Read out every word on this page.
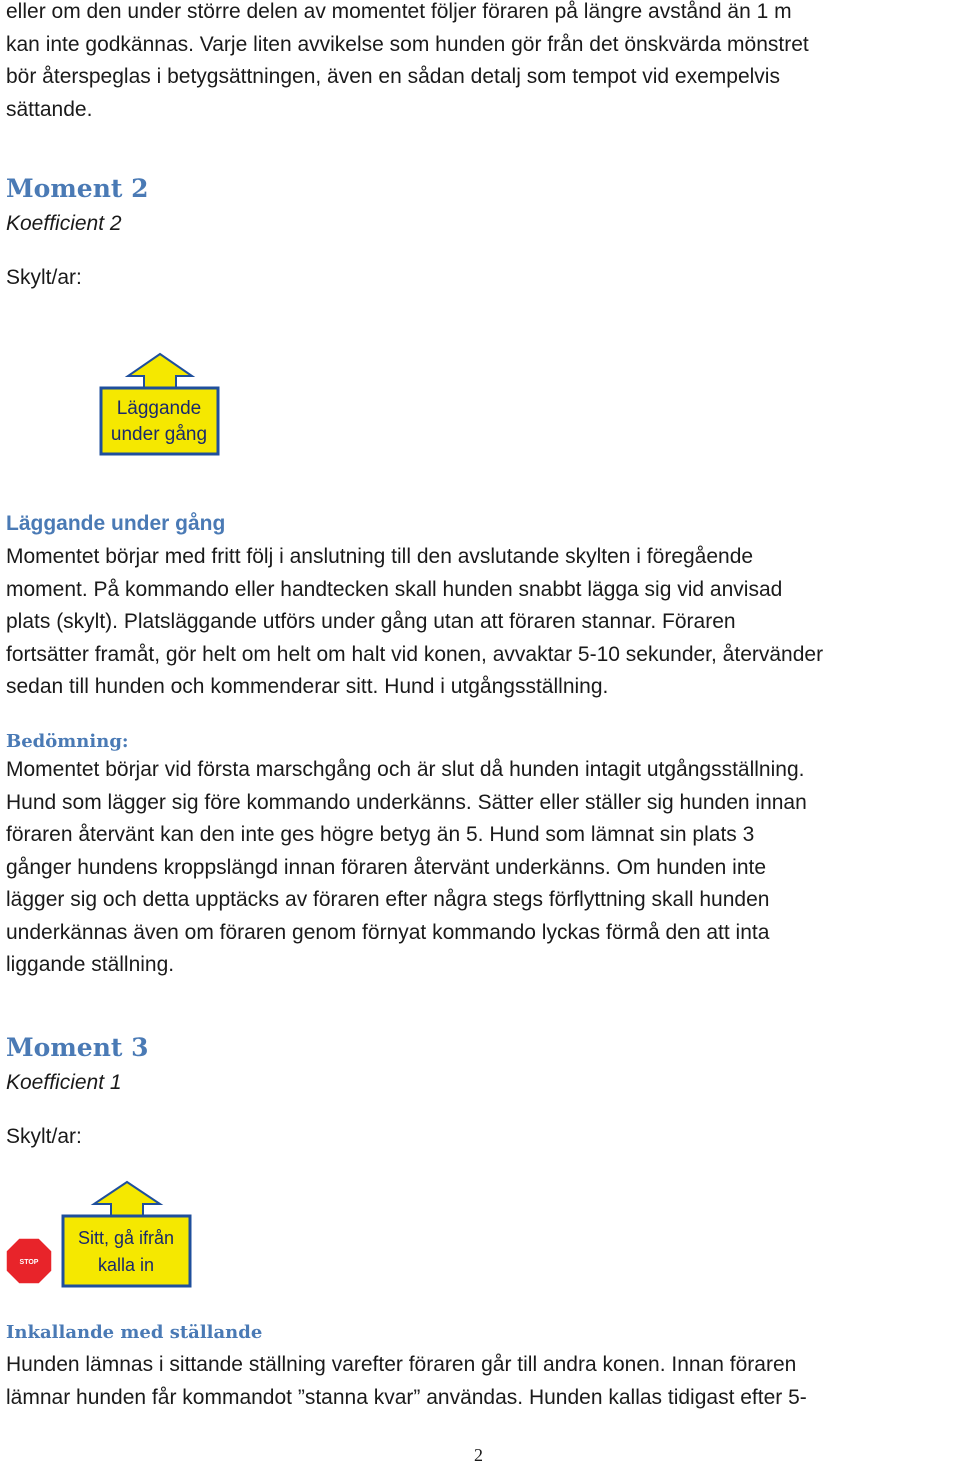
eller om den under större delen av momentet följer föraren på längre avstånd än 1 m
kan inte godkännas. Varje liten avvikelse som hunden gör från det önskvärda mönstret
bör återspeglas i betygsättningen, även en sådan detalj som tempot vid exempelvis
sättande.
Moment 2

Koefficient 2

Skylt/ar:

Läggande
under gång
Läggande under gång
Momentet börjar med fritt följ i anslutning till den avslutande skylten i föregående
moment. På kommando eller handtecken skall hunden snabbt lägga sig vid anvisad
plats (skylt). Platsläggande utförs under gång utan att föraren stannar. Föraren
fortsätter framåt, gör helt om helt om halt vid konen, avvaktar 5-10 sekunder, återvänder
sedan till hunden och kommenderar sitt. Hund i utgångsställning.
Bedömning:
Momentet börjar vid första marschgång och är slut då hunden intagit utgångsställning.
Hund som lägger sig före kommando underkänns. Sätter eller ställer sig hunden innan
föraren återvänt kan den inte ges högre betyg än 5. Hund som lämnat sin plats 3
gånger hundens kroppslängd innan föraren återvänt underkänns. Om hunden inte
lägger sig och detta upptäcks av föraren efter några stegs förflyttning skall hunden
underkännas även om föraren genom förnyat kommando lyckas förmå den att inta
liggande ställning.
Moment 3

Koefficient 1

Skylt/ar:

STOP
Sitt, gå ifrån
kalla in
Inkallande med ställande
Hunden lämnas i sittande ställning varefter föraren går till andra konen. Innan föraren
lämnar hunden får kommandot ”stanna kvar” användas. Hunden kallas tidigast efter 5-
2
